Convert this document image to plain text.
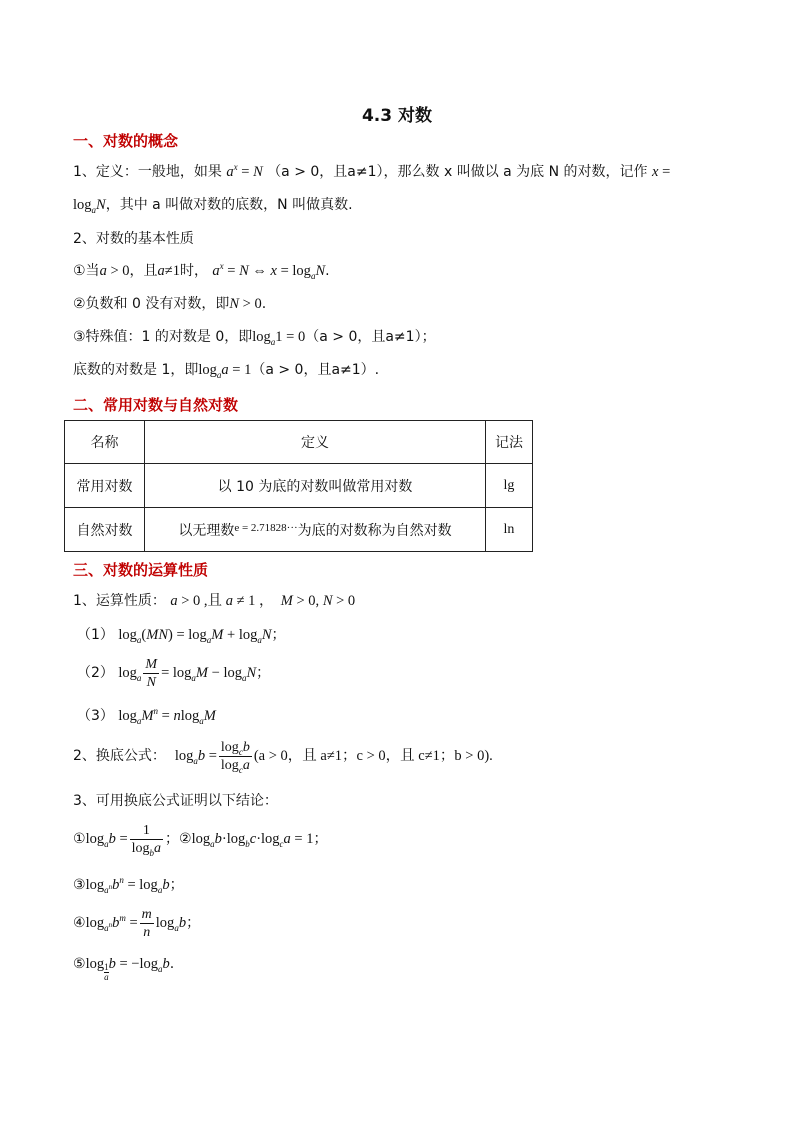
4.3 对数
一、对数的概念
1、定义：一般地，如果 $a^x = N$ （a > 0，且a≠1），那么数 x 叫做以 a 为底 N 的对数，记作 x =
$\log_aN$，其中 a 叫做对数的底数，N 叫做真数.
2、对数的基本性质
①当a > 0，且a≠1时， $a^x = N$ ⇔ $x = \log_aN$.
②负数和 0 没有对数，即N > 0.
③特殊值：1 的对数是 0，即$\log_a1 = 0(a > 0$，且a≠1）；
底数的对数是 1，即$\log_aa = 1(a > 0$，且a≠1）.
二、常用对数与自然对数
名称	定义	记法
常用对数	以 10 为底的对数叫做常用对数	lg
自然对数	以无理数$^{e = 2.71828\cdot\cdot\cdot}$为底的对数称为自然对数	ln
三、对数的运算性质
1、运算性质： a > 0 ,且 a ≠ 1 ，  M > 0, N > 0
（1） $\log_a(MN) = \log_aM + \log_aN$；
（2） $\log_a \frac{M}{N} = \log_aM - \log_aN$；
（3） $\log_aM^n = nlog_aM$
2、换底公式： $\log_ab = \frac{\log_cb}{\log_ca} (a > 0$，且 a≠1；c > 0，且 c≠1；b > 0).
3、可用换底公式证明以下结论：
$①\log_ab = \frac{1}{\log_ba}$ ；$②\log_ab\cdot\log_bc\cdot\log_ca = 1$；
$③\log_{a^n}b^n = \log_ab$；
$④\log_{a^n}b^m = \frac{m}{n} \log_ab$；
⑤log $\frac{1}{a}$ $b = -\log_ab$.
